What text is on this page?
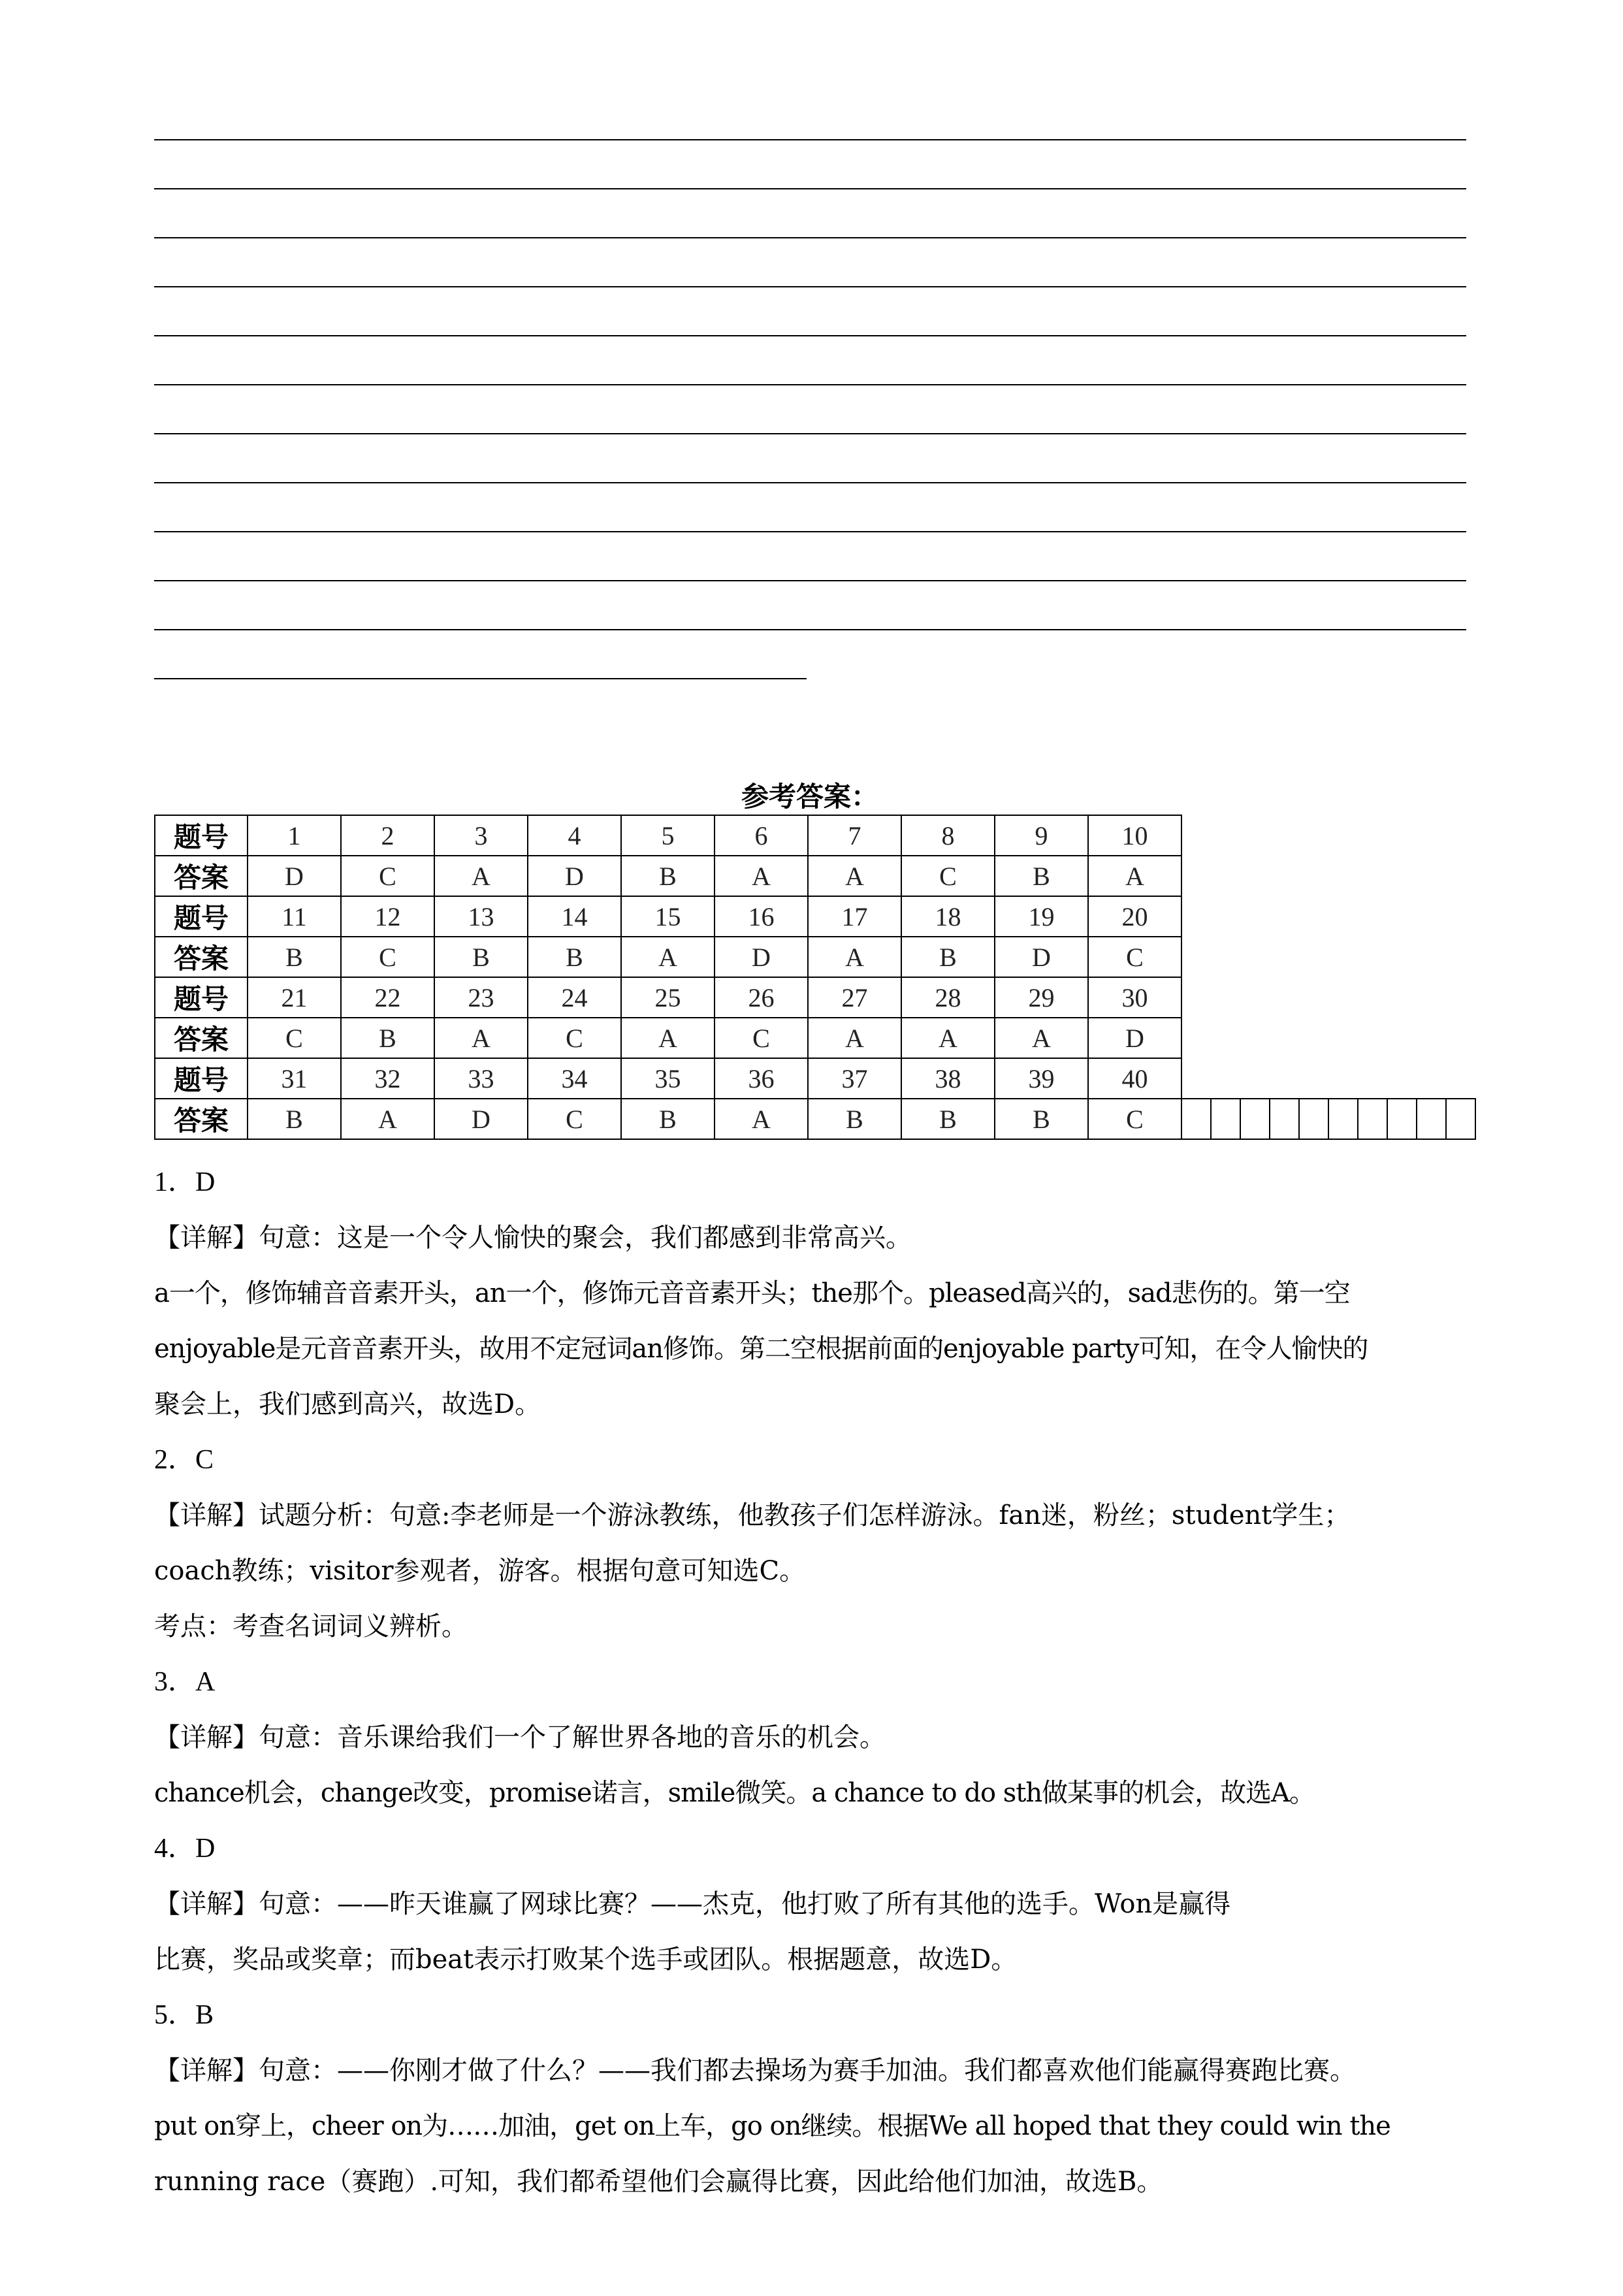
参考答案：
题号	1	2	3	4	5	6	7	8	9	10										
答案	D	C	A	D	B	A	A	C	B	A										
题号	11	12	13	14	15	16	17	18	19	20										
答案	B	C	B	B	A	D	A	B	D	C										
题号	21	22	23	24	25	26	27	28	29	30										
答案	C	B	A	C	A	C	A	A	A	D										
题号	31	32	33	34	35	36	37	38	39	40										
答案	B	A	D	C	B	A	B	B	B	C										

1．D

【详解】句意：这是一个令人愉快的聚会，我们都感到非常高兴。

a一个，修饰辅音音素开头，an一个，修饰元音音素开头；the那个。pleased高兴的，sad悲伤的。第一空

enjoyable是元音音素开头，故用不定冠词an修饰。第二空根据前面的enjoyable party可知，在令人愉快的

聚会上，我们感到高兴，故选D。

2．C

【详解】试题分析：句意:李老师是一个游泳教练，他教孩子们怎样游泳。fan迷，粉丝；student学生；

coach教练；visitor参观者，游客。根据句意可知选C。

考点：考查名词词义辨析。

3．A

【详解】句意：音乐课给我们一个了解世界各地的音乐的机会。

chance机会，change改变，promise诺言，smile微笑。a chance to do sth做某事的机会，故选A。

4．D

【详解】句意：——昨天谁赢了网球比赛？——杰克，他打败了所有其他的选手。Won是赢得

比赛，奖品或奖章；而beat表示打败某个选手或团队。根据题意，故选D。

5．B

【详解】句意：——你刚才做了什么？——我们都去操场为赛手加油。我们都喜欢他们能赢得赛跑比赛。

put on穿上，cheer on为……加油，get on上车，go on继续。根据We all hoped that they could win the

running race（赛跑）.可知，我们都希望他们会赢得比赛，因此给他们加油，故选B。
